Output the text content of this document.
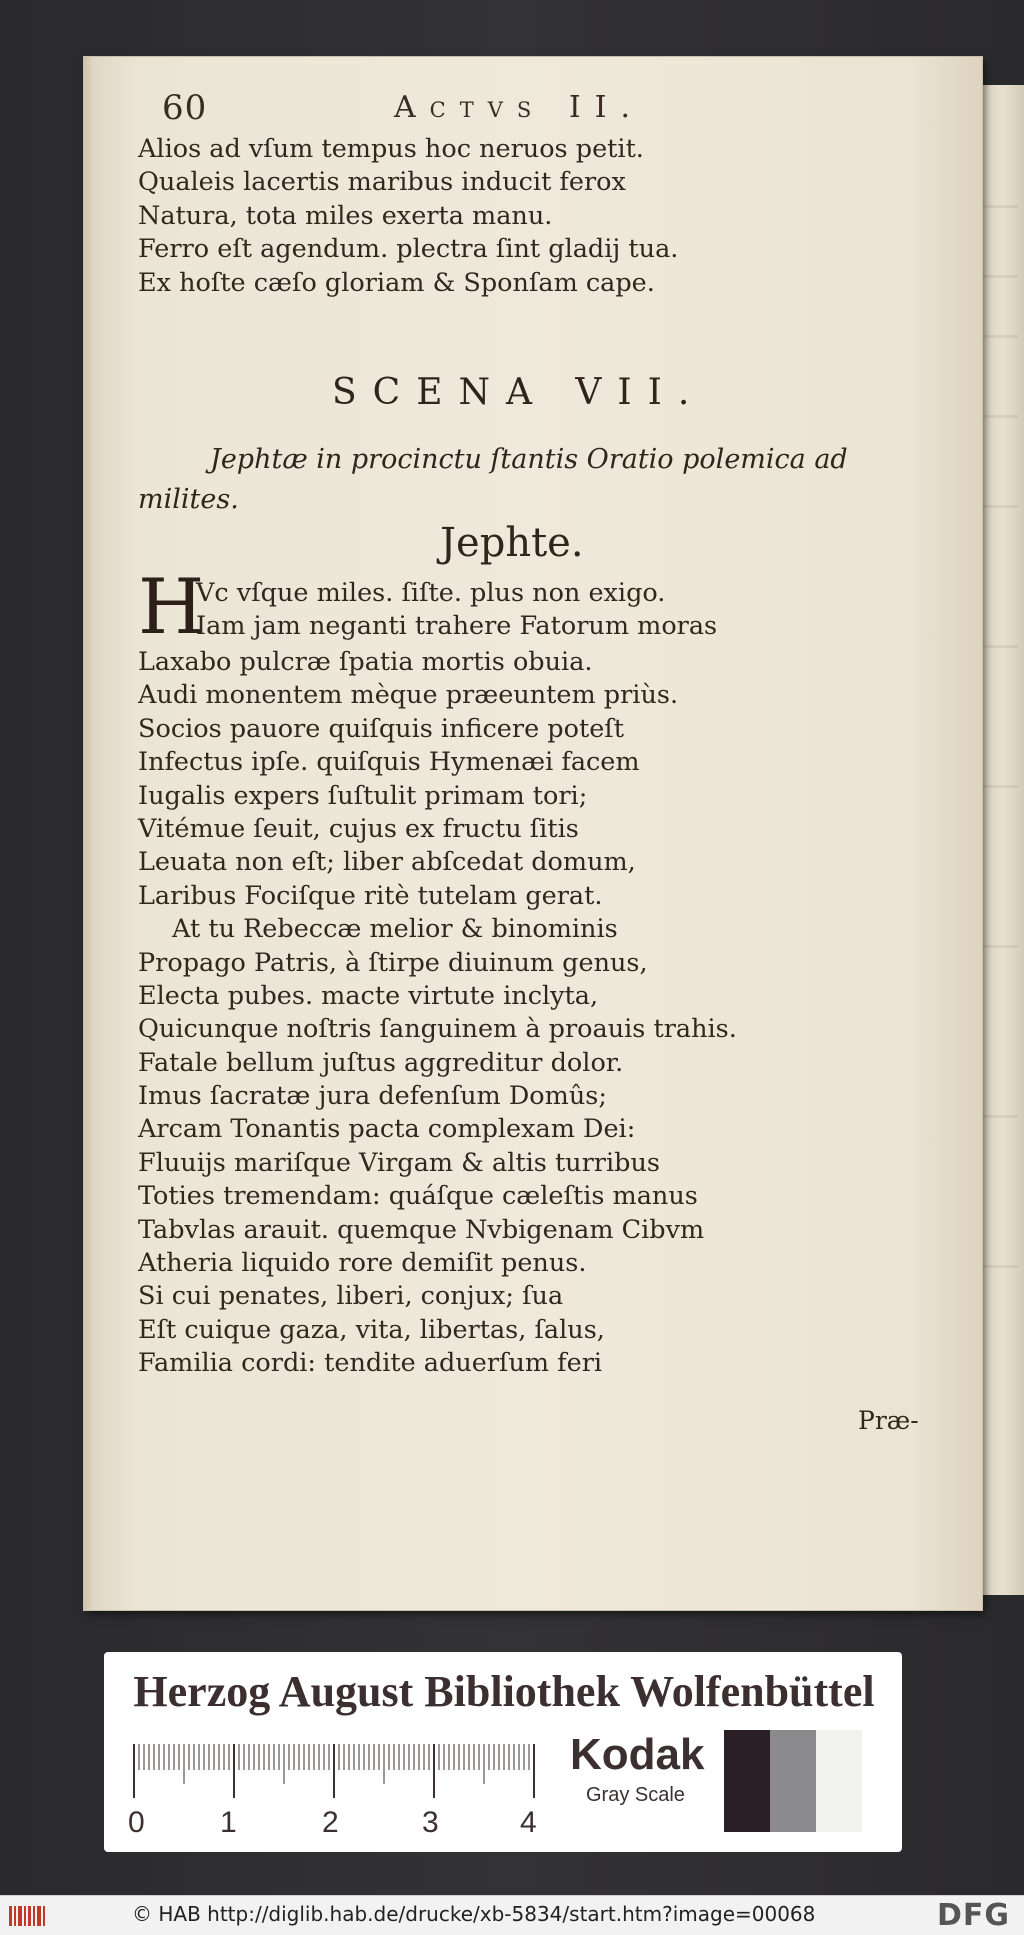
60	Actvs II.
Alios ad vſum tempus hoc neruos petit.
Qualeis lacertis maribus inducit ferox
Natura, tota miles exerta manu.
Ferro eſt agendum. plectra ſint gladij tua.
Ex hoſte cæſo gloriam & Sponſam cape.
SCENA VII.
Jephtæ in procinctu ſtantis Oratio polemica ad
milites.
Jephte.
H
Vc vſque miles. ſiſte. plus non exigo.
Iam jam neganti trahere Fatorum moras
Laxabo pulcræ ſpatia mortis obuia.
Audi monentem mèque præeuntem priùs.
Socios pauore quiſquis inficere poteſt
Infectus ipſe. quiſquis Hymenæi facem
Iugalis expers ſuſtulit primam tori;
Vitémue ſeuit, cujus ex fructu ſitis
Leuata non eſt; liber abſcedat domum,
Laribus Fociſque ritè tutelam gerat.
At tu Rebeccæ melior & binominis
Propago Patris, à ſtirpe diuinum genus,
Electa pubes. macte virtute inclyta,
Quicunque noſtris ſanguinem à proauis trahis.
Fatale bellum juſtus aggreditur dolor.
Imus ſacratæ jura defenſum Domûs;
Arcam Tonantis pacta complexam Dei:
Fluuijs mariſque Virgam & altis turribus
Toties tremendam: quáſque cæleſtis manus
Tabvlas arauit. quemque Nvbigenam Cibvm
Atheria liquido rore demiſit penus.
Si cui penates, liberi, conjux; ſua
Eſt cuique gaza, vita, libertas, ſalus,
Familia cordi: tendite aduerſum feri
Præ-
Herzog August Bibliothek Wolfenbüttel
0	1	2	3	4
Kodak
Gray Scale
© HAB http://diglib.hab.de/drucke/xb-5834/start.htm?image=00068	DFG
